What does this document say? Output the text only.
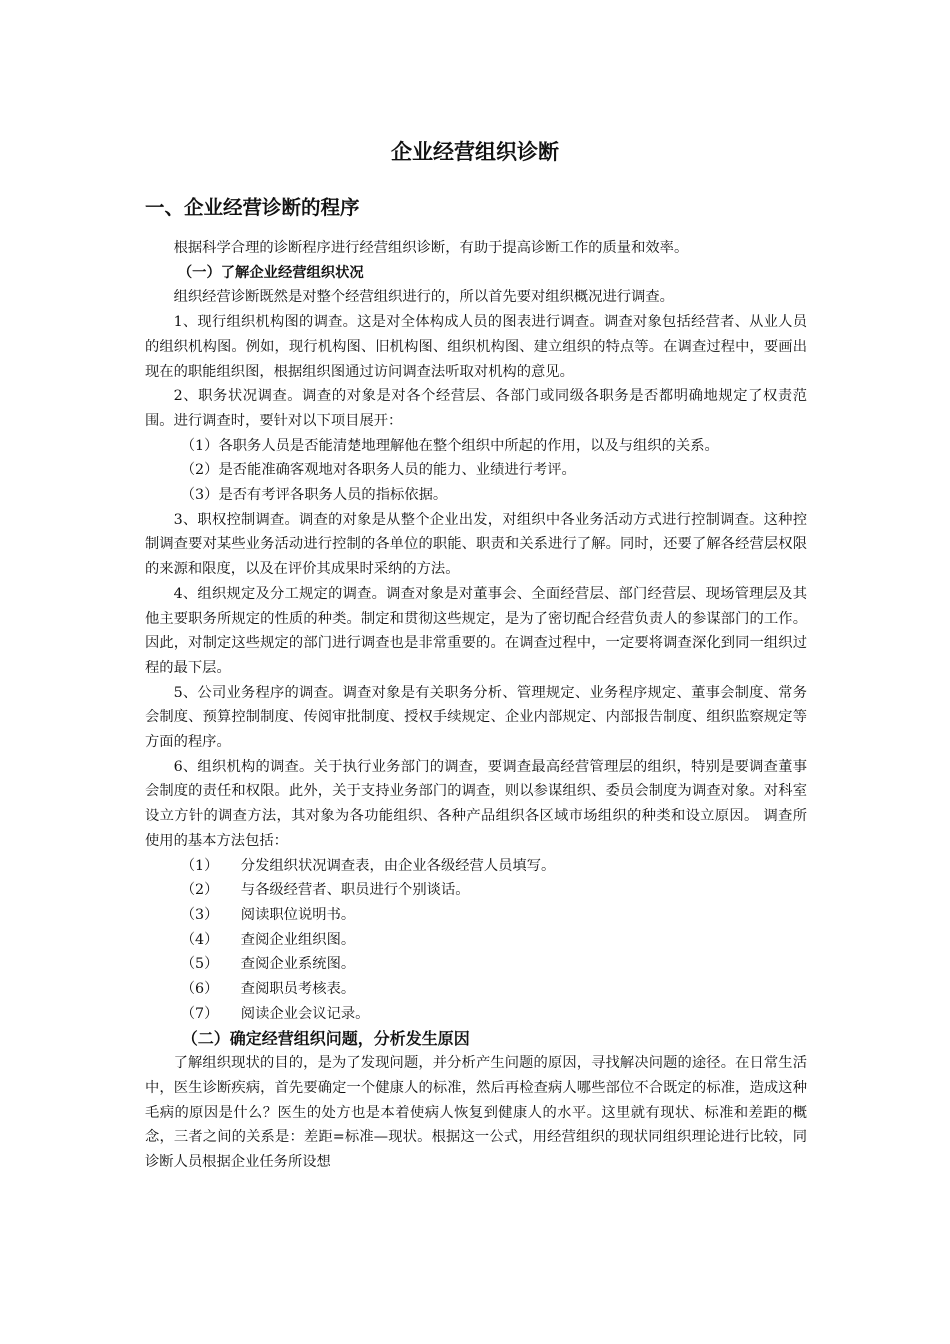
企业经营组织诊断
一、企业经营诊断的程序

根据科学合理的诊断程序进行经营组织诊断，有助于提高诊断工作的质量和效率。

（一）了解企业经营组织状况

组织经营诊断既然是对整个经营组织进行的，所以首先要对组织概况进行调查。

1、现行组织机构图的调查。这是对全体构成人员的图表进行调查。调查对象包括经营者、从业人员的组织机构图。例如，现行机构图、旧机构图、组织机构图、建立组织的特点等。在调查过程中，要画出现在的职能组织图，根据组织图通过访问调查法听取对机构的意见。

2、职务状况调查。调查的对象是对各个经营层、各部门或同级各职务是否都明确地规定了权责范围。进行调查时，要针对以下项目展开：

（1）各职务人员是否能清楚地理解他在整个组织中所起的作用，以及与组织的关系。

（2）是否能准确客观地对各职务人员的能力、业绩进行考评。

（3）是否有考评各职务人员的指标依据。

3、职权控制调查。调查的对象是从整个企业出发，对组织中各业务活动方式进行控制调查。这种控制调查要对某些业务活动进行控制的各单位的职能、职责和关系进行了解。同时，还要了解各经营层权限的来源和限度，以及在评价其成果时采纳的方法。

4、组织规定及分工规定的调查。调查对象是对董事会、全面经营层、部门经营层、现场管理层及其他主要职务所规定的性质的种类。制定和贯彻这些规定，是为了密切配合经营负责人的参谋部门的工作。因此，对制定这些规定的部门进行调查也是非常重要的。在调查过程中，一定要将调查深化到同一组织过程的最下层。

5、公司业务程序的调查。调查对象是有关职务分析、管理规定、业务程序规定、董事会制度、常务会制度、预算控制制度、传阅审批制度、授权手续规定、企业内部规定、内部报告制度、组织监察规定等方面的程序。

6、组织机构的调查。关于执行业务部门的调查，要调查最高经营管理层的组织，特别是要调查董事会制度的责任和权限。此外，关于支持业务部门的调查，则以参谋组织、委员会制度为调查对象。对科室设立方针的调查方法，其对象为各功能组织、各种产品组织各区域市场组织的种类和设立原因。 调查所使用的基本方法包括：

（1）	分发组织状况调查表，由企业各级经营人员填写。
（2）	与各级经营者、职员进行个别谈话。
（3）	阅读职位说明书。
（4）	查阅企业组织图。
（5）	查阅企业系统图。
（6）	查阅职员考核表。
（7）	阅读企业会议记录。

（二）确定经营组织问题，分析发生原因

了解组织现状的目的，是为了发现问题，并分析产生问题的原因，寻找解决问题的途径。在日常生活中，医生诊断疾病，首先要确定一个健康人的标准，然后再检查病人哪些部位不合既定的标准，造成这种毛病的原因是什么？医生的处方也是本着使病人恢复到健康人的水平。这里就有现状、标准和差距的概念，三者之间的关系是：差距=标准—现状。根据这一公式，用经营组织的现状同组织理论进行比较，同诊断人员根据企业任务所设想
